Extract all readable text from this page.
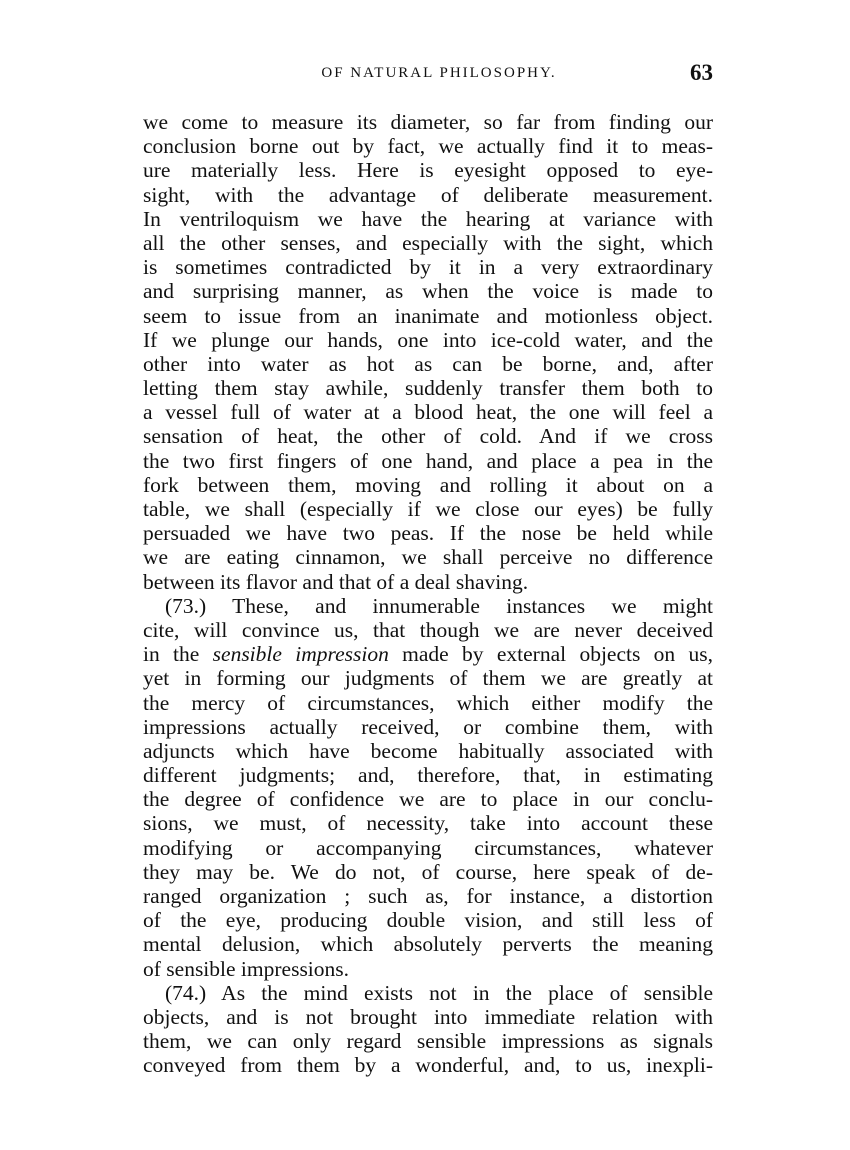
OF NATURAL PHILOSOPHY.	63
we come to measure its diameter, so far from finding our
conclusion borne out by fact, we actually find it to meas-
ure materially less. Here is eyesight opposed to eye-
sight, with the advantage of deliberate measurement.
In ventriloquism we have the hearing at variance with
all the other senses, and especially with the sight, which
is sometimes contradicted by it in a very extraordinary
and surprising manner, as when the voice is made to
seem to issue from an inanimate and motionless object.
If we plunge our hands, one into ice-cold water, and the
other into water as hot as can be borne, and, after
letting them stay awhile, suddenly transfer them both to
a vessel full of water at a blood heat, the one will feel a
sensation of heat, the other of cold. And if we cross
the two first fingers of one hand, and place a pea in the
fork between them, moving and rolling it about on a
table, we shall (especially if we close our eyes) be fully
persuaded we have two peas. If the nose be held while
we are eating cinnamon, we shall perceive no difference
between its flavor and that of a deal shaving.
(73.) These, and innumerable instances we might
cite, will convince us, that though we are never deceived
in the sensible impression made by external objects on us,
yet in forming our judgments of them we are greatly at
the mercy of circumstances, which either modify the
impressions actually received, or combine them, with
adjuncts which have become habitually associated with
different judgments; and, therefore, that, in estimating
the degree of confidence we are to place in our conclu-
sions, we must, of necessity, take into account these
modifying or accompanying circumstances, whatever
they may be. We do not, of course, here speak of de-
ranged organization ; such as, for instance, a distortion
of the eye, producing double vision, and still less of
mental delusion, which absolutely perverts the meaning
of sensible impressions.
(74.) As the mind exists not in the place of sensible
objects, and is not brought into immediate relation with
them, we can only regard sensible impressions as signals
conveyed from them by a wonderful, and, to us, inexpli-
